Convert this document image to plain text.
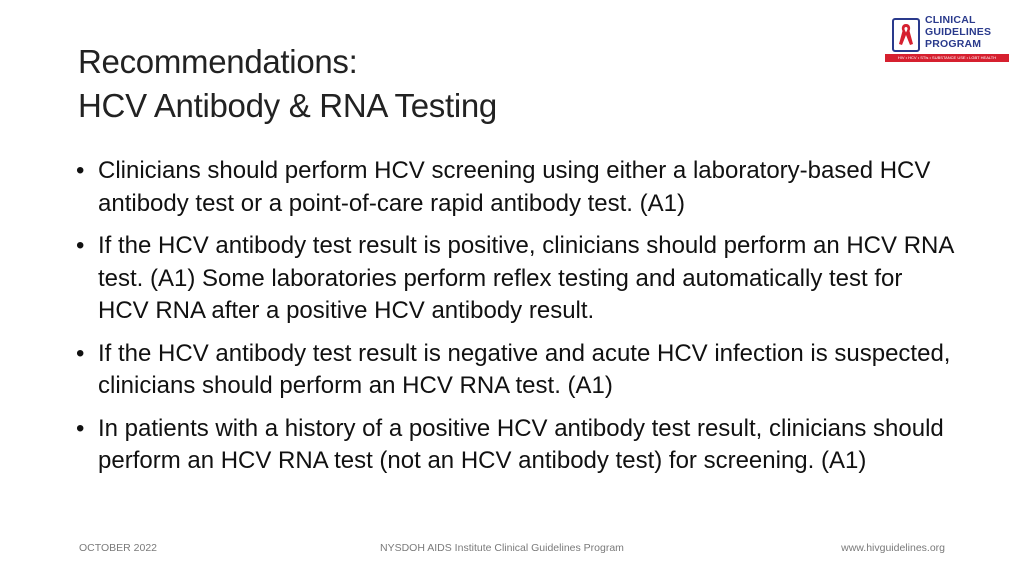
Recommendations:
HCV Antibody & RNA Testing
CLINICAL
GUIDELINES
PROGRAM
HIV • HCV • STIs • SUBSTANCE USE • LGBT HEALTH
• Clinicians should perform HCV screening using either a laboratory-based HCV antibody test or a point-of-care rapid antibody test. (A1)
• If the HCV antibody test result is positive, clinicians should perform an HCV RNA test. (A1) Some laboratories perform reflex testing and automatically test for HCV RNA after a positive HCV antibody result.
• If the HCV antibody test result is negative and acute HCV infection is suspected, clinicians should perform an HCV RNA test. (A1)
• In patients with a history of a positive HCV antibody test result, clinicians should perform an HCV RNA test (not an HCV antibody test) for screening. (A1)
OCTOBER 2022	NYSDOH AIDS Institute Clinical Guidelines Program	www.hivguidelines.org
